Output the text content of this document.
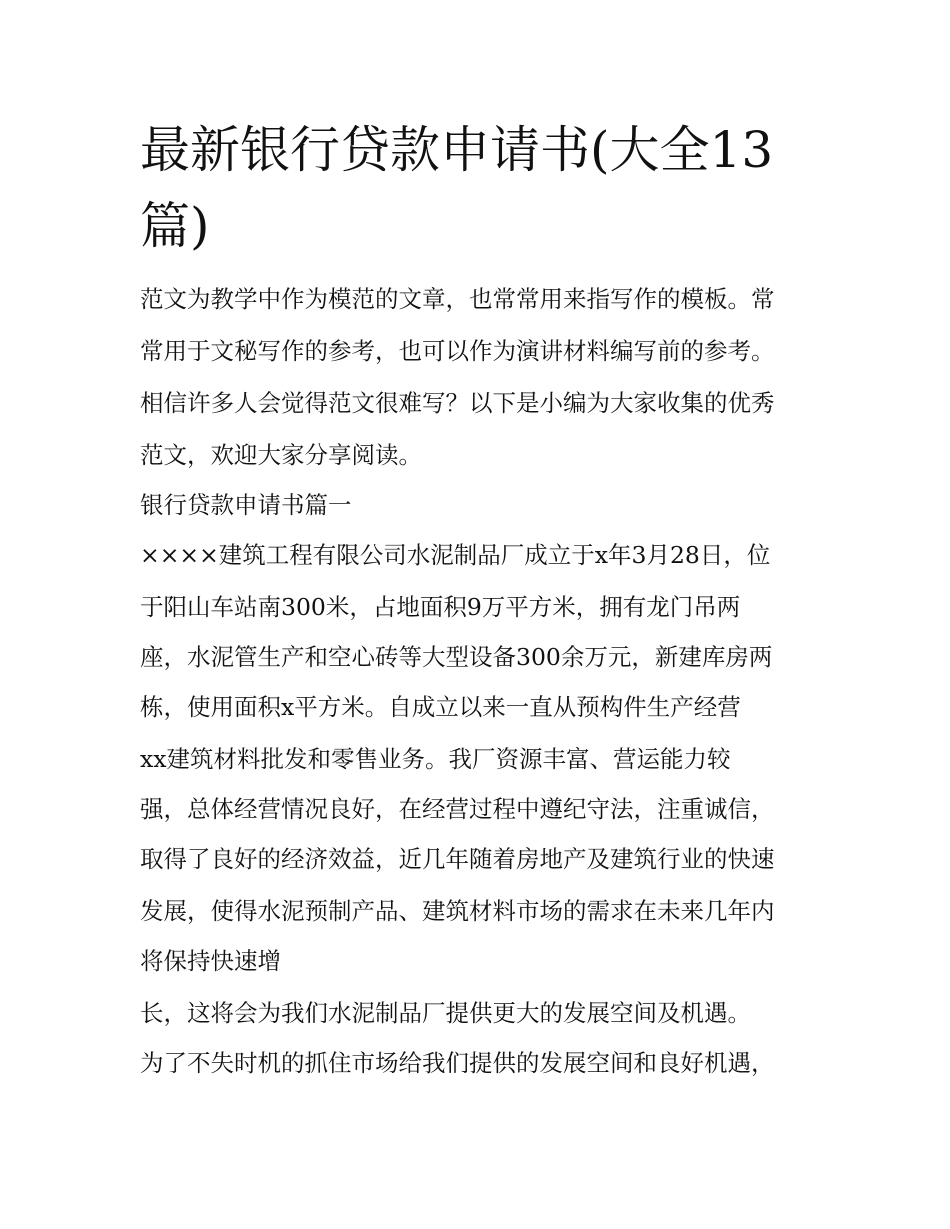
最新银行贷款申请书(大全13篇)

范文为教学中作为模范的文章，也常常用来指写作的模板。常

常用于文秘写作的参考，也可以作为演讲材料编写前的参考。

相信许多人会觉得范文很难写？以下是小编为大家收集的优秀

范文，欢迎大家分享阅读。

银行贷款申请书篇一

××××建筑工程有限公司水泥制品厂成立于x年3月28日，位

于阳山车站南300米，占地面积9万平方米，拥有龙门吊两

座，水泥管生产和空心砖等大型设备300余万元，新建库房两

栋，使用面积x平方米。自成立以来一直从预构件生产经营

xx建筑材料批发和零售业务。我厂资源丰富、营运能力较

强，总体经营情况良好，在经营过程中遵纪守法，注重诚信，

取得了良好的经济效益，近几年随着房地产及建筑行业的快速

发展，使得水泥预制产品、建筑材料市场的需求在未来几年内

将保持快速增

长，这将会为我们水泥制品厂提供更大的发展空间及机遇。

为了不失时机的抓住市场给我们提供的发展空间和良好机遇，
